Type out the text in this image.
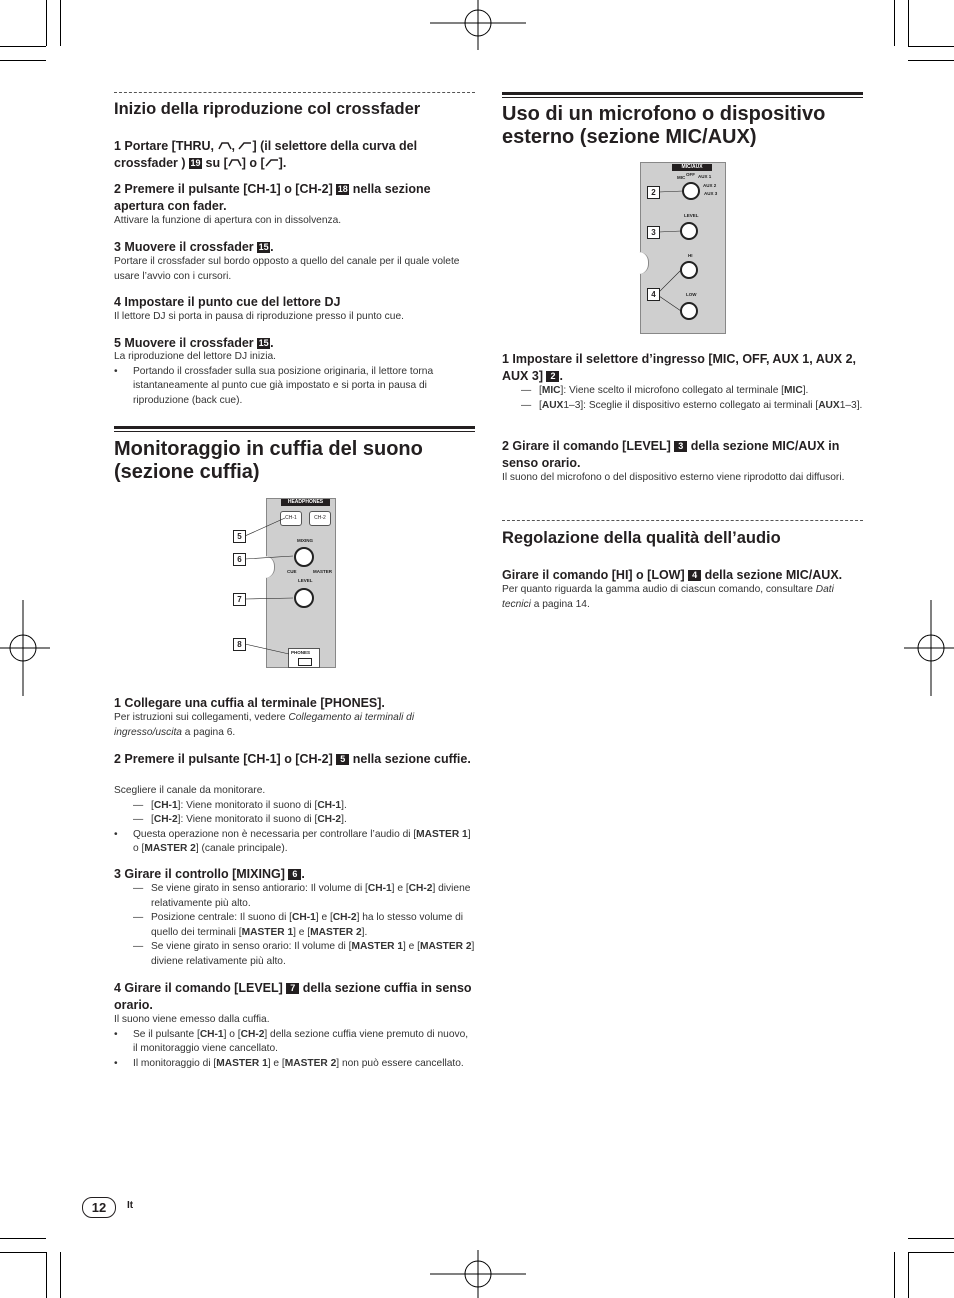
Inizio della riproduzione col crossfader
1 Portare [THRU, , ] (il selettore della curva del crossfader ) 19 su [ ] o [ ].
2 Premere il pulsante [CH-1] o [CH-2] 18 nella sezione apertura con fader.
Attivare la funzione di apertura con in dissolvenza.
3 Muovere il crossfader 15 .
Portare il crossfader sul bordo opposto a quello del canale per il quale volete usare l’avvio con i cursori.
4 Impostare il punto cue del lettore DJ
Il lettore DJ si porta in pausa di riproduzione presso il punto cue.
5 Muovere il crossfader 15 .
La riproduzione del lettore DJ inizia.
• Portando il crossfader sulla sua posizione originaria, il lettore torna istantaneamente al punto cue già impostato e si porta in pausa di riproduzione (back cue).
Monitoraggio in cuffia del suono (sezione cuffia)
HEADPHONES
CH-1	CH-2
MIXING
CUE	MASTER
LEVEL
PHONES
5
6
7
8
1 Collegare una cuffia al terminale [PHONES].
Per istruzioni sui collegamenti, vedere Collegamento ai terminali di ingresso/uscita a pagina 6.
2 Premere il pulsante [CH-1] o [CH-2] 5 nella sezione cuffie.
Scegliere il canale da monitorare.
— [CH-1]: Viene monitorato il suono di [CH-1].
— [CH-2]: Viene monitorato il suono di [CH-2].
• Questa operazione non è necessaria per controllare l’audio di [MASTER 1] o [MASTER 2] (canale principale).
3 Girare il controllo [MIXING] 6 .
— Se viene girato in senso antiorario: Il volume di [CH-1] e [CH-2] diviene relativamente più alto.
— Posizione centrale: Il suono di [CH-1] e [CH-2] ha lo stesso volume di quello dei terminali [MASTER 1] e [MASTER 2].
— Se viene girato in senso orario: Il volume di [MASTER 1] e [MASTER 2] diviene relativamente più alto.
4 Girare il comando [LEVEL] 7 della sezione cuffia in senso orario.
Il suono viene emesso dalla cuffia.
• Se il pulsante [CH-1] o [CH-2] della sezione cuffia viene premuto di nuovo, il monitoraggio viene cancellato.
• Il monitoraggio di [MASTER 1] e [MASTER 2] non può essere cancellato.
Uso di un microfono o dispositivo esterno (sezione MIC/AUX)
MIC/AUX
MIC
OFF AUX 1
AUX 2
AUX 3
LEVEL
HI
LOW
2
3
4
1 Impostare il selettore d’ingresso [MIC, OFF, AUX 1, AUX 2, AUX 3] 2 .
— [MIC]: Viene scelto il microfono collegato al terminale [MIC].
— [AUX1–3]: Sceglie il dispositivo esterno collegato ai terminali [AUX1–3].
2 Girare il comando [LEVEL] 3 della sezione MIC/AUX in senso orario.
Il suono del microfono o del dispositivo esterno viene riprodotto dai diffusori.
Regolazione della qualità dell’audio
Girare il comando [HI] o [LOW] 4 della sezione MIC/AUX.
Per quanto riguarda la gamma audio di ciascun comando, consultare Dati tecnici a pagina 14.
12	It
